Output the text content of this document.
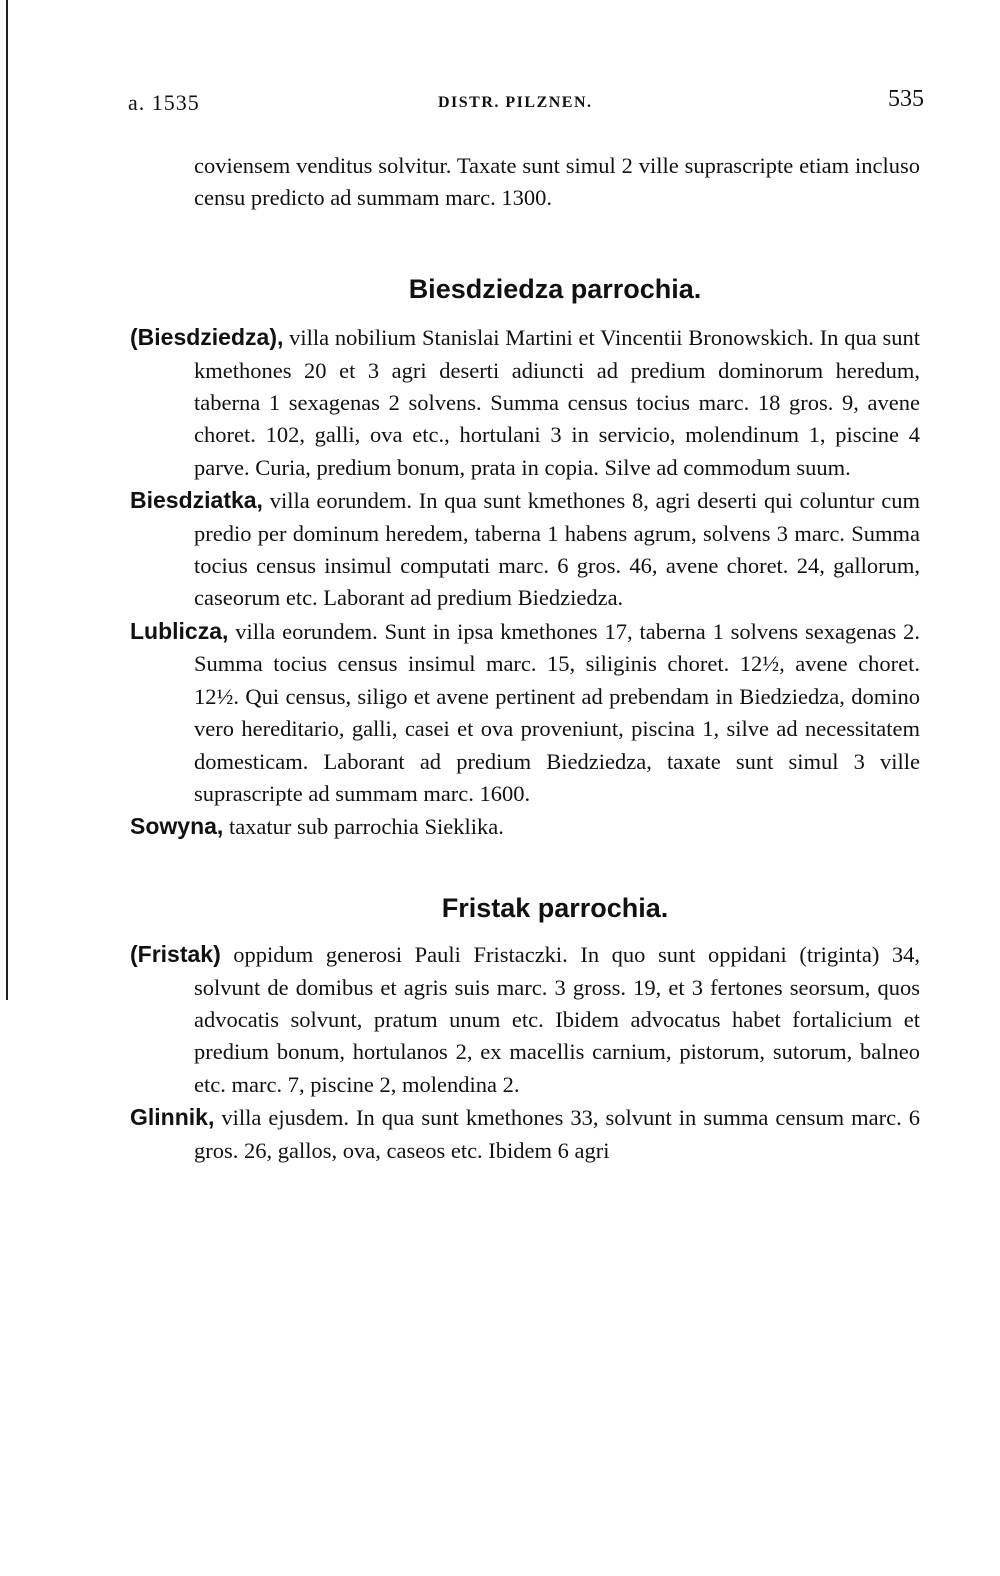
a. 1535	DISTR. PILZNEN.	535

coviensem venditus solvitur. Taxate sunt simul 2 ville suprascripte etiam incluso censu predicto ad summam marc. 1300.

Biesdziedza parrochia.

(Biesdziedza), villa nobilium Stanislai Martini et Vincentii Bronowskich. In qua sunt kmethones 20 et 3 agri deserti adiuncti ad predium dominorum heredum, taberna 1 sexagenas 2 solvens. Summa census tocius marc. 18 gros. 9, avene choret. 102, galli, ova etc., hortulani 3 in servicio, molendinum 1, piscine 4 parve. Curia, predium bonum, prata in copia. Silve ad commodum suum.

Biesdziatka, villa eorundem. In qua sunt kmethones 8, agri deserti qui coluntur cum predio per dominum heredem, taberna 1 habens agrum, solvens 3 marc. Summa tocius census insimul computati marc. 6 gros. 46, avene choret. 24, gallorum, caseorum etc. Laborant ad predium Biedziedza.

Lublicza, villa eorundem. Sunt in ipsa kmethones 17, taberna 1 solvens sexagenas 2. Summa tocius census insimul marc. 15, siliginis choret. 12½, avene choret. 12½. Qui census, siligo et avene pertinent ad prebendam in Biedziedza, domino vero hereditario, galli, casei et ova proveniunt, piscina 1, silve ad necessitatem domesticam. Laborant ad predium Biedziedza, taxate sunt simul 3 ville suprascripte ad summam marc. 1600.

Sowyna, taxatur sub parrochia Sieklika.

Fristak parrochia.

(Fristak) oppidum generosi Pauli Fristaczki. In quo sunt oppidani (triginta) 34, solvunt de domibus et agris suis marc. 3 gross. 19, et 3 fertones seorsum, quos advocatis solvunt, pratum unum etc. Ibidem advocatus habet fortalicium et predium bonum, hortulanos 2, ex macellis carnium, pistorum, sutorum, balneo etc. marc. 7, piscine 2, molendina 2.

Glinnik, villa ejusdem. In qua sunt kmethones 33, solvunt in summa censum marc. 6 gros. 26, gallos, ova, caseos etc. Ibidem 6 agri
